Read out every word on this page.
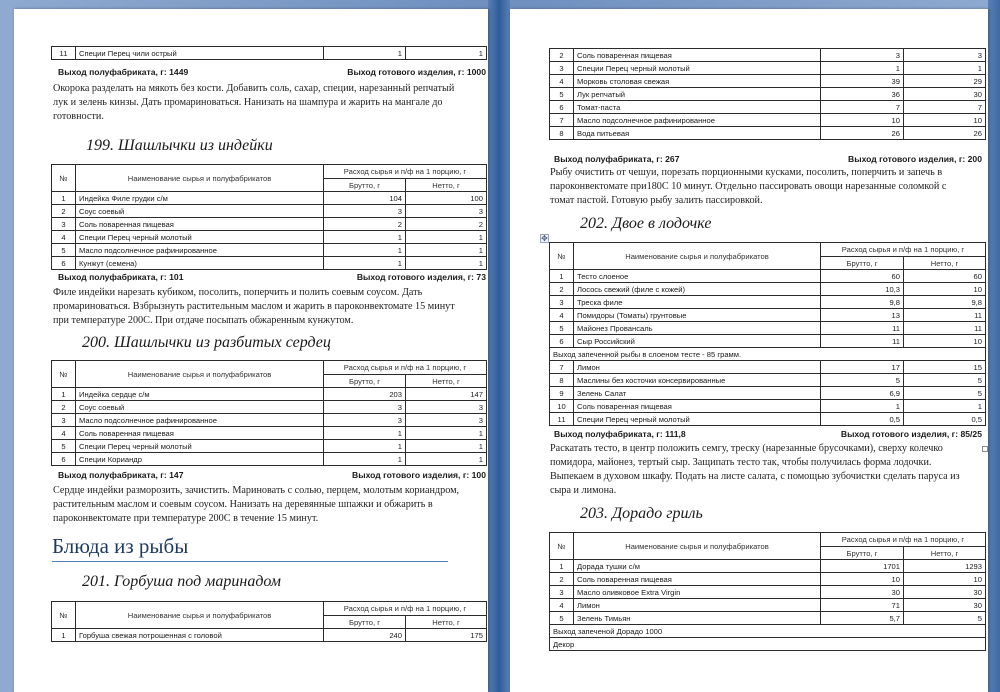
11	Специи Перец чили острый	1	1
Выход полуфабриката, г: 1449	Выход готового изделия, г: 1000
Окорока разделать на мякоть без кости. Добавить соль, сахар, специи, нарезанный репчатый лук и зелень кинзы. Дать промариноваться. Нанизать на шампура и жарить на мангале до готовности.
199. Шашлычки из индейки
№	Наименование сырья и полуфабрикатов	Расход сырья и п/ф на 1 порцию, г	
		Брутто, г	Нетто, г
1	Индейка Филе грудки с/м	104	100
2	Соус соевый	3	3
3	Соль поваренная пищевая	2	2
4	Специи Перец черный молотый	1	1
5	Масло подсолнечное рафинированное	1	1
6	Кунжут (семена)	1	1
Выход полуфабриката, г: 101	Выход готового изделия, г: 73
Филе индейки нарезать кубиком, посолить, поперчить и полить соевым соусом. Дать промариноваться. Взбрызнуть растительным маслом и жарить в пароконвектомате 15 минут при температуре 200С. При отдаче посыпать обжаренным кунжутом.
200. Шашлычки из разбитых сердец
№	Наименование сырья и полуфабрикатов	Расход сырья и п/ф на 1 порцию, г	
		Брутто, г	Нетто, г
1	Индейка сердце с/м	203	147
2	Соус соевый	3	3
3	Масло подсолнечное рафинированное	3	3
4	Соль поваренная пищевая	1	1
5	Специи Перец черный молотый	1	1
6	Специи Кориандр	1	1
Выход полуфабриката, г: 147	Выход готового изделия, г: 100
Сердце индейки разморозить, зачистить. Мариновать с солью, перцем, молотым кориандром, растительным маслом и соевым соусом. Нанизать на деревянные шпажки и обжарить в пароконвектомате при температуре 200С в течение 15 минут.
Блюда из рыбы
201. Горбуша под маринадом
№	Наименование сырья и полуфабрикатов	Расход сырья и п/ф на 1 порцию, г	
		Брутто, г	Нетто, г
1	Горбуша свежая потрошенная с головой	240	175
2	Соль поваренная пищевая	3	3
3	Специи Перец черный молотый	1	1
4	Морковь столовая свежая	39	29
5	Лук репчатый	36	30
6	Томат-паста	7	7
7	Масло подсолнечное рафинированное	10	10
8	Вода питьевая	26	26
Выход полуфабриката, г: 267	Выход готового изделия, г: 200
Рыбу очистить от чешуи, порезать порционными кусками, посолить, поперчить и запечь в пароконвектомате при180С 10 минут. Отдельно пассировать овощи нарезанные соломкой с томат пастой. Готовую рыбу залить пассировкой.
202. Двое в лодочке
✥
№	Наименование сырья и полуфабрикатов	Расход сырья и п/ф на 1 порцию, г	
		Брутто, г	Нетто, г
1	Тесто слоеное	60	60
2	Лосось свежий (филе с кожей)	10,3	10
3	Треска филе	9,8	9,8
4	Помидоры (Томаты) грунтовые	13	11
5	Майонез Провансаль	11	11
6	Сыр Российский	11	10
Выход запеченной рыбы в слоеном тесте - 85 грамм.			
7	Лимон	17	15
8	Маслины без косточки консервированные	5	5
9	Зелень Салат	6,9	5
10	Соль поваренная пищевая	1	1
11	Специи Перец черный молотый	0,5	0,5
Выход полуфабриката, г: 111,8	Выход готового изделия, г: 85/25
Раскатать тесто, в центр положить семгу, треску (нарезанные брусочками), сверху колечко помидора, майонез, тертый сыр. Защипать тесто так, чтобы получилась форма лодочки. Выпекаем в духовом шкафу. Подать на листе салата, с помощью зубочистки сделать паруса из сыра и лимона.
203. Дорадо гриль
№	Наименование сырья и полуфабрикатов	Расход сырья и п/ф на 1 порцию, г	
		Брутто, г	Нетто, г
1	Дорада тушки с/м	1701	1293
2	Соль поваренная пищевая	10	10
3	Масло оливковое Extra Virgin	30	30
4	Лимон	71	30
5	Зелень Тимьян	5,7	5
Выход запеченой Дорадо 1000			
Декор			
